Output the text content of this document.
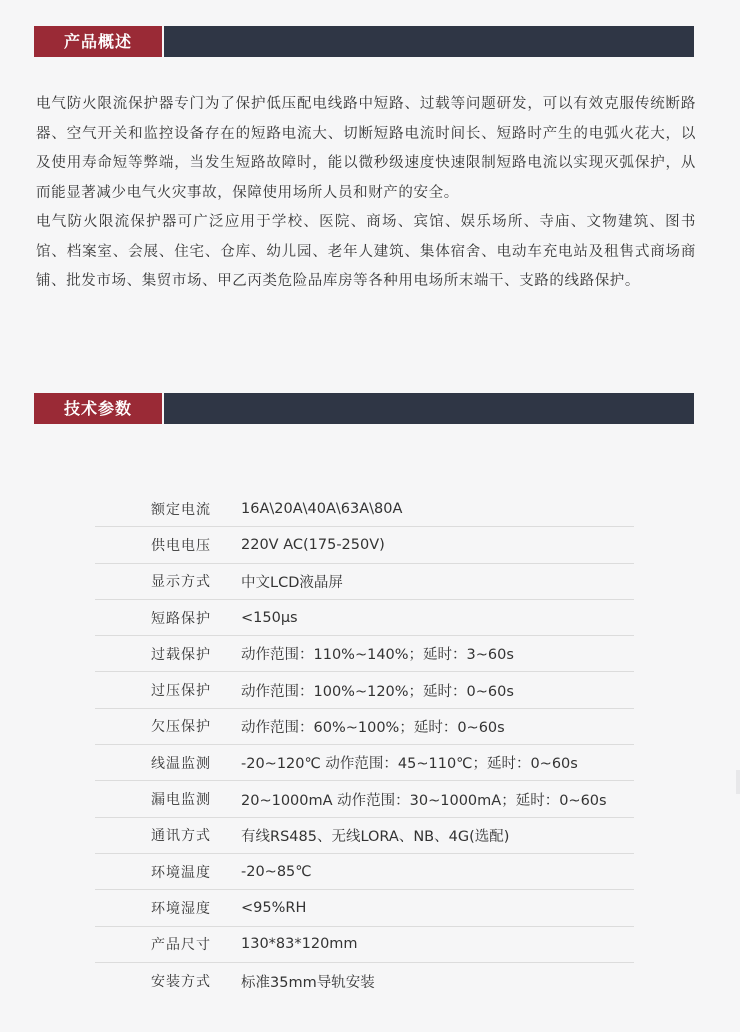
产品概述

电气防火限流保护器专门为了保护低压配电线路中短路、过载等问题研发，可以有效克服传统断路器、空气开关和监控设备存在的短路电流大、切断短路电流时间长、短路时产生的电弧火花大，以及使用寿命短等弊端，当发生短路故障时，能以微秒级速度快速限制短路电流以实现灭弧保护，从而能显著减少电气火灾事故，保障使用场所人员和财产的安全。

电气防火限流保护器可广泛应用于学校、医院、商场、宾馆、娱乐场所、寺庙、文物建筑、图书馆、档案室、会展、住宅、仓库、幼儿园、老年人建筑、集体宿舍、电动车充电站及租售式商场商铺、批发市场、集贸市场、甲乙丙类危险品库房等各种用电场所末端干、支路的线路保护。

技术参数
额定电流 16A\20A\40A\63A\80A
供电电压 220V AC(175-250V)
显示方式 中文LCD液晶屏
短路保护 <150μs
过载保护 动作范围：110%~140%；延时：3~60s
过压保护 动作范围：100%~120%；延时：0~60s
欠压保护 动作范围：60%~100%；延时：0~60s
线温监测 -20~120℃ 动作范围：45~110℃；延时：0~60s
漏电监测 20~1000mA 动作范围：30~1000mA；延时：0~60s
通讯方式 有线RS485、无线LORA、NB、4G(选配)
环境温度 -20~85℃
环境湿度 <95%RH
产品尺寸 130*83*120mm
安装方式 标准35mm导轨安装
